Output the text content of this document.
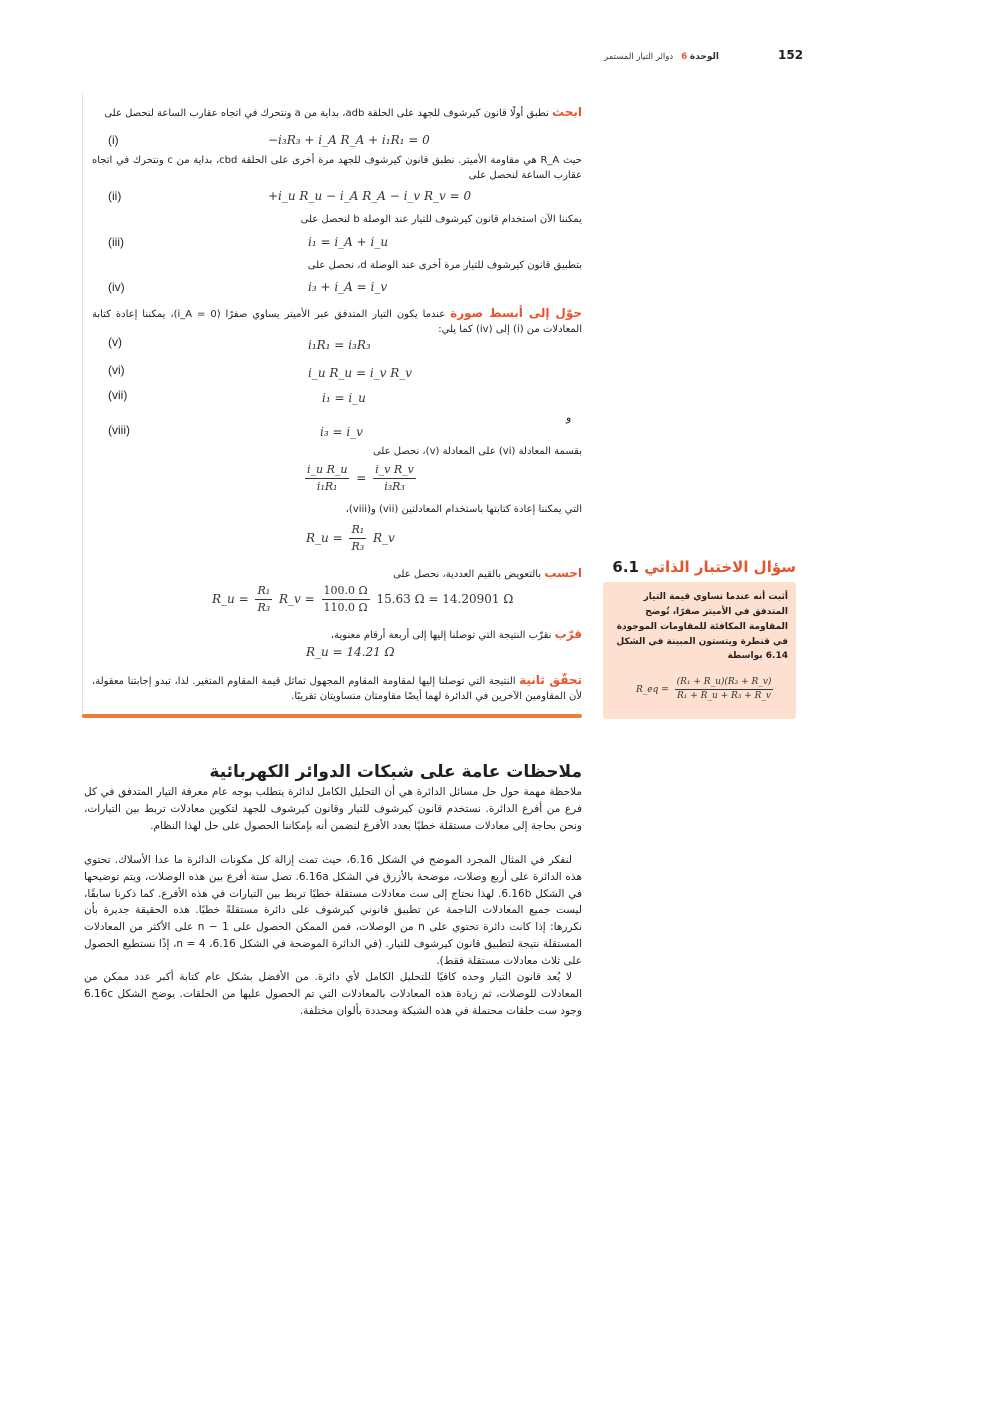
152
الوحدة 6   دوائر التيار المستمر
ابحث نطبق أولًا قانون كيرشوف للجهد على الحلقة adb، بداية من a ونتحرك في اتجاه عقارب الساعة لنحصل على
(i)	−i₃R₃ + i_A R_A + i₁R₁ = 0
حيث R_A هي مقاومة الأميتر. نطبق قانون كيرشوف للجهد مرة أخرى على الحلقة cbd، بداية من c ونتحرك في اتجاه عقارب الساعة لنحصل على
(ii)	+i_u R_u − i_A R_A − i_v R_v = 0
يمكننا الآن استخدام قانون كيرشوف للتيار عند الوصلة b لنحصل على
(iii)	i₁ = i_A + i_u
بتطبيق قانون كيرشوف للتيار مرة أخرى عند الوصلة d، نحصل على
(iv)	i₃ + i_A = i_v
حوّل إلى أبسط صورة عندما يكون التيار المتدفق عبر الأميتر يساوي صفرًا (i_A = 0)، يمكننا إعادة كتابة المعادلات من (i) إلى (iv) كما يلي:
(v)	i₁R₁ = i₃R₃
(vi)	i_u R_u = i_v R_v
(vii)	i₁ = i_u
و
(viii)	i₃ = i_v
بقسمة المعادلة (vi) على المعادلة (v)، نحصل على
$\frac{\text{i\_u R\_u}}{\text{i₁R₁}} = \frac{\text{i\_v R\_v}}{\text{i₃R₃}}$
التي يمكننا إعادة كتابتها باستخدام المعادلتين (vii) و(viii)،
R_u = $\frac{\text{R₁}}{\text{R₃}}$ R_v
احسب بالتعويض بالقيم العددية، نحصل على
R_u = $\frac{\text{R₁}}{\text{R₃}}$ R_v = $\frac{100.0 \Omega}{110.0 \Omega} 15.63$ Ω = 14.20901 Ω
قرّب نقرّب النتيجة التي توصلنا إليها إلى أربعة أرقام معنوية،
R_u = 14.21 Ω
تحقّق ثانية النتيجة التي توصلنا إليها لمقاومة المقاوم المجهول تماثل قيمة المقاوم المتغير. لذا، تبدو إجابتنا معقولة، لأن المقاومين الآخرين في الدائرة لهما أيضًا مقاومتان متساويتان تقريبًا.
سؤال الاختبار الذاتي 6.1
أثبت أنه عندما تساوي قيمة التيار المتدفق في الأميتر صفرًا، تُوضح المقاومة المكافئة للمقاومات الموجودة في قنطرة ويتستون المبينة في الشكل 6.14 بواسطة
R_eq = $\frac{\text{(R₁ + R\_u)(R₃ + R\_v)}}{\text{R₁ + R\_u + R₃ + R\_v}}$
ملاحظات عامة على شبكات الدوائر الكهربائية
ملاحظة مهمة حول حل مسائل الدائرة هي أن التحليل الكامل لدائرة يتطلب بوجه عام معرفة التيار المتدفق في كل فرع من أفرع الدائرة. نستخدم قانون كيرشوف للتيار وقانون كيرشوف للجهد لتكوين معادلات تربط بين التيارات، ونحن بحاجة إلى معادلات مستقلة خطيًا بعدد الأفرع لنضمن أنه بإمكاننا الحصول على حل لهذا النظام.
لنفكر في المثال المجرد الموضح في الشكل 6.16، حيث تمت إزالة كل مكونات الدائرة ما عدا الأسلاك. تحتوي هذه الدائرة على أربع وصلات، موضحة بالأزرق في الشكل 6.16a. تصل ستة أفرع بين هذه الوصلات، ويتم توضيحها في الشكل 6.16b. لهذا نحتاج إلى ست معادلات مستقلة خطيًا تربط بين التيارات في هذه الأفرع. كما ذكرنا سابقًا، ليست جميع المعادلات الناجمة عن تطبيق قانوني كيرشوف على دائرة مستقلةً خطيًا. هذه الحقيقة جديرة بأن نكررها: إذا كانت دائرة تحتوي على n من الوصلات، فمن الممكن الحصول على n − 1 على الأكثر من المعادلات المستقلة نتيجة لتطبيق قانون كيرشوف للتيار. (في الدائرة الموضحة في الشكل 6.16، n = 4، إذًا نستطيع الحصول على ثلاث معادلات مستقلة فقط).
لا يُعد قانون التيار وحده كافيًا للتحليل الكامل لأي دائرة. من الأفضل بشكل عام كتابة أكبر عدد ممكن من المعادلات للوصلات، ثم زيادة هذه المعادلات بالمعادلات التي تم الحصول عليها من الحلقات. يوضح الشكل 6.16c وجود ست حلقات محتملة في هذه الشبكة ومحددة بألوان مختلفة.
